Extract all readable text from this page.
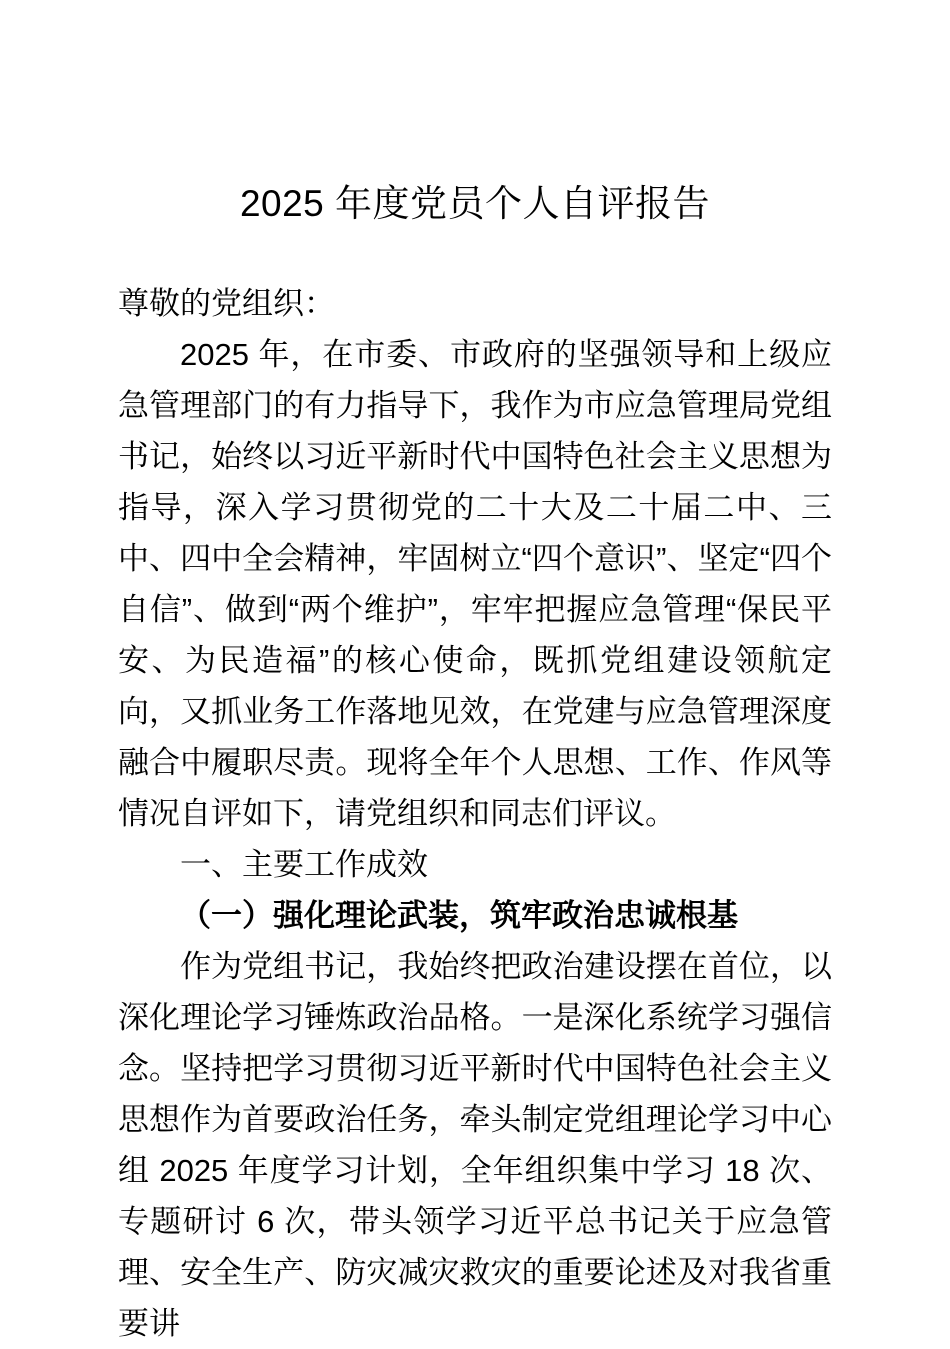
2025 年度党员个人自评报告

尊敬的党组织：

2025 年，在市委、市政府的坚强领导和上级应急管理部门的有力指导下，我作为市应急管理局党组书记，始终以习近平新时代中国特色社会主义思想为指导，深入学习贯彻党的二十大及二十届二中、三中、四中全会精神，牢固树立“四个意识”、坚定“四个自信”、做到“两个维护”，牢牢把握应急管理“保民平安、为民造福”的核心使命，既抓党组建设领航定向，又抓业务工作落地见效，在党建与应急管理深度融合中履职尽责。现将全年个人思想、工作、作风等情况自评如下，请党组织和同志们评议。

一、主要工作成效

（一）强化理论武装，筑牢政治忠诚根基

作为党组书记，我始终把政治建设摆在首位，以深化理论学习锤炼政治品格。一是深化系统学习强信念。坚持把学习贯彻习近平新时代中国特色社会主义思想作为首要政治任务，牵头制定党组理论学习中心组 2025 年度学习计划，全年组织集中学习 18 次、专题研讨 6 次，带头领学习近平总书记关于应急管理、安全生产、防灾减灾救灾的重要论述及对我省重要讲
